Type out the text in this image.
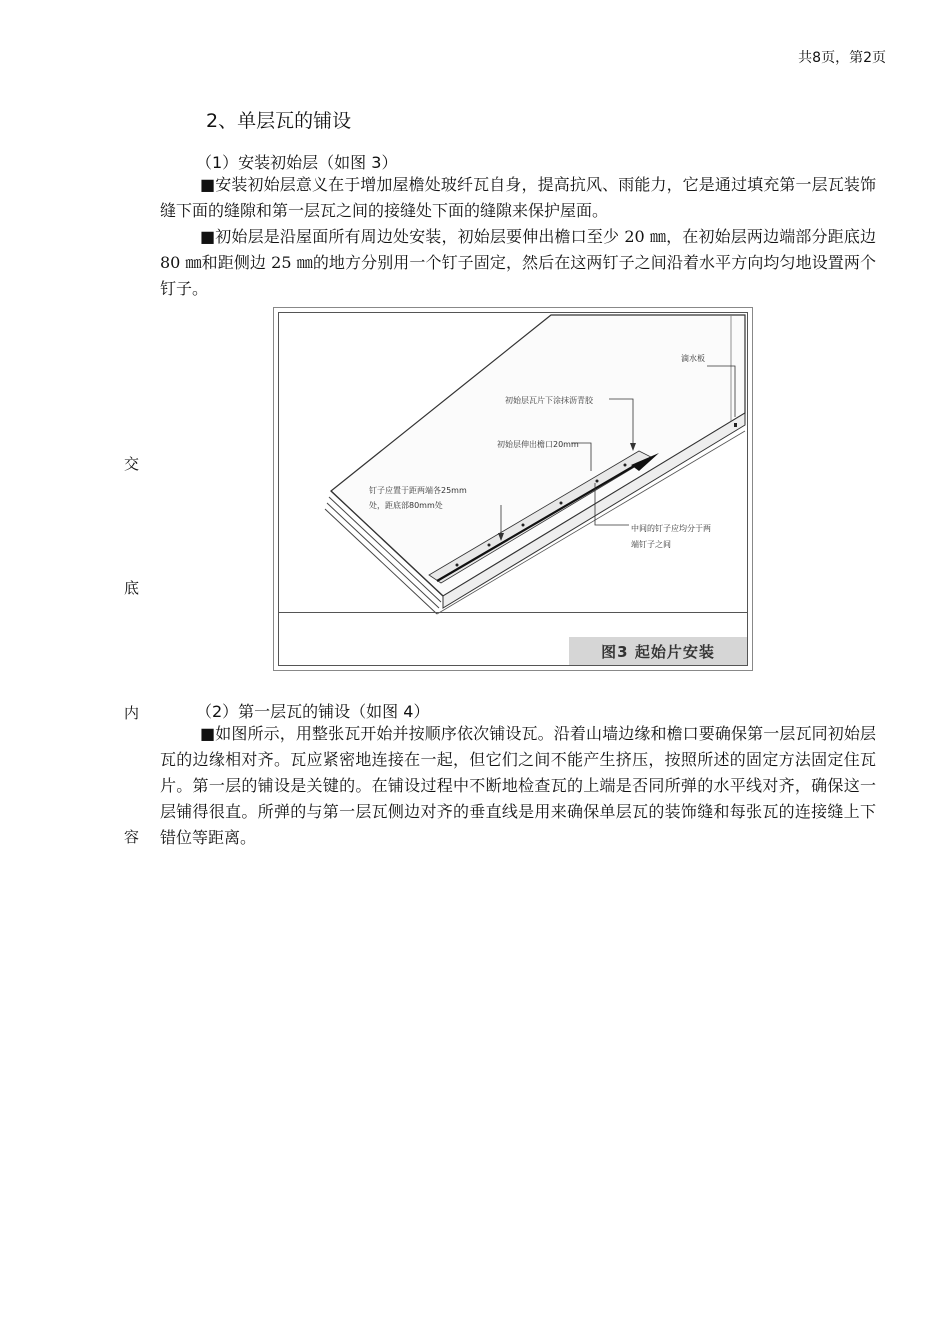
共8页，第2页
交
底
内
容
2、单层瓦的铺设
（1）安装初始层（如图 3）

■安装初始层意义在于增加屋檐处玻纤瓦自身，提高抗风、雨能力，它是通过填充第一层瓦装饰缝下面的缝隙和第一层瓦之间的接缝处下面的缝隙来保护屋面。

■初始层是沿屋面所有周边处安装，初始层要伸出檐口至少 20 ㎜，在初始层两边端部分距底边 80 ㎜和距侧边 25 ㎜的地方分别用一个钉子固定，然后在这两钉子之间沿着水平方向均匀地设置两个钉子。

滴水板
初始层瓦片下涂抹沥青胶
初始层伸出檐口20mm
钉子应置于距两端各25mm
处，距底部80mm处
中间的钉子应均分于两
端钉子之间
图3 起始片安装
（2）第一层瓦的铺设（如图 4）

■如图所示，用整张瓦开始并按顺序依次铺设瓦。沿着山墙边缘和檐口要确保第一层瓦同初始层瓦的边缘相对齐。瓦应紧密地连接在一起，但它们之间不能产生挤压，按照所述的固定方法固定住瓦片。第一层的铺设是关键的。在铺设过程中不断地检查瓦的上端是否同所弹的水平线对齐，确保这一层铺得很直。所弹的与第一层瓦侧边对齐的垂直线是用来确保单层瓦的装饰缝和每张瓦的连接缝上下错位等距离。
